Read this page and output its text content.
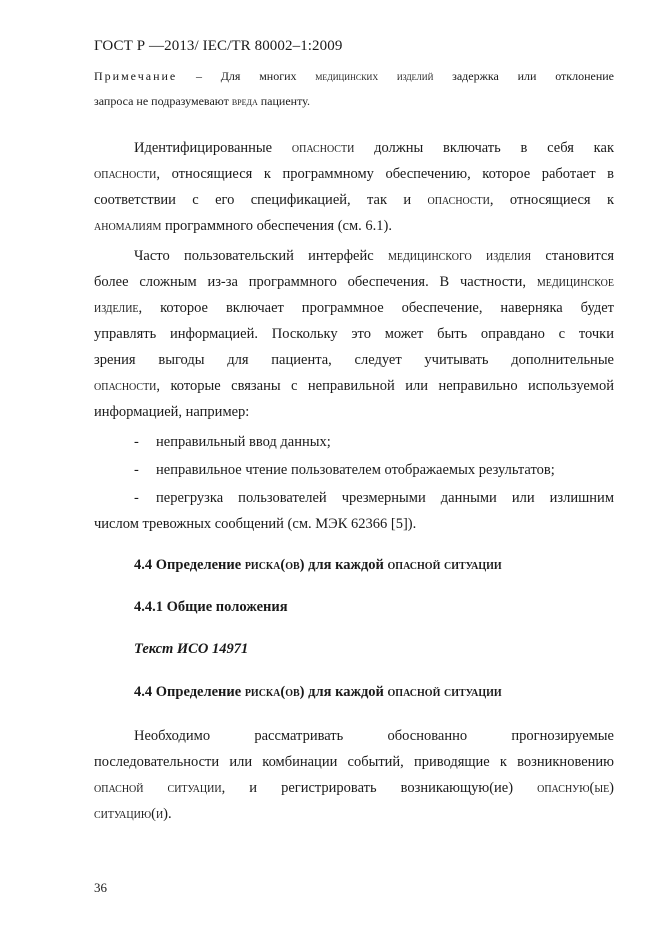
ГОСТ Р —2013/ IEC/TR 80002–1:2009
Примечание – Для многих медицинских изделий задержка или отклонение
запроса не подразумевают вреда пациенту.
Идентифицированные опасности должны включать в себя как
опасности, относящиеся к программному обеспечению, которое работает в
соответствии с его спецификацией, так и опасности, относящиеся к
аномалиям программного обеспечения (см. 6.1).
Часто пользовательский интерфейс медицинского изделия становится
более сложным из-за программного обеспечения. В частности, медицинское
изделие, которое включает программное обеспечение, наверняка будет
управлять информацией. Поскольку это может быть оправдано с точки
зрения выгоды для пациента, следует учитывать дополнительные
опасности, которые связаны с неправильной или неправильно используемой
информацией, например:
- неправильный ввод данных;
- неправильное чтение пользователем отображаемых результатов;
- перегрузка пользователей чрезмерными данными или излишним
числом тревожных сообщений (см. МЭК 62366 [5]).
4.4 Определение риска(ов) для каждой опасной ситуации
4.4.1 Общие положения
Текст ИСО 14971
4.4 Определение риска(ов) для каждой опасной ситуации
Необходимо рассматривать обоснованно прогнозируемые
последовательности или комбинации событий, приводящие к возникновению
опасной ситуации, и регистрировать возникающую(ие) опасную(ые)
ситуацию(и).
36
